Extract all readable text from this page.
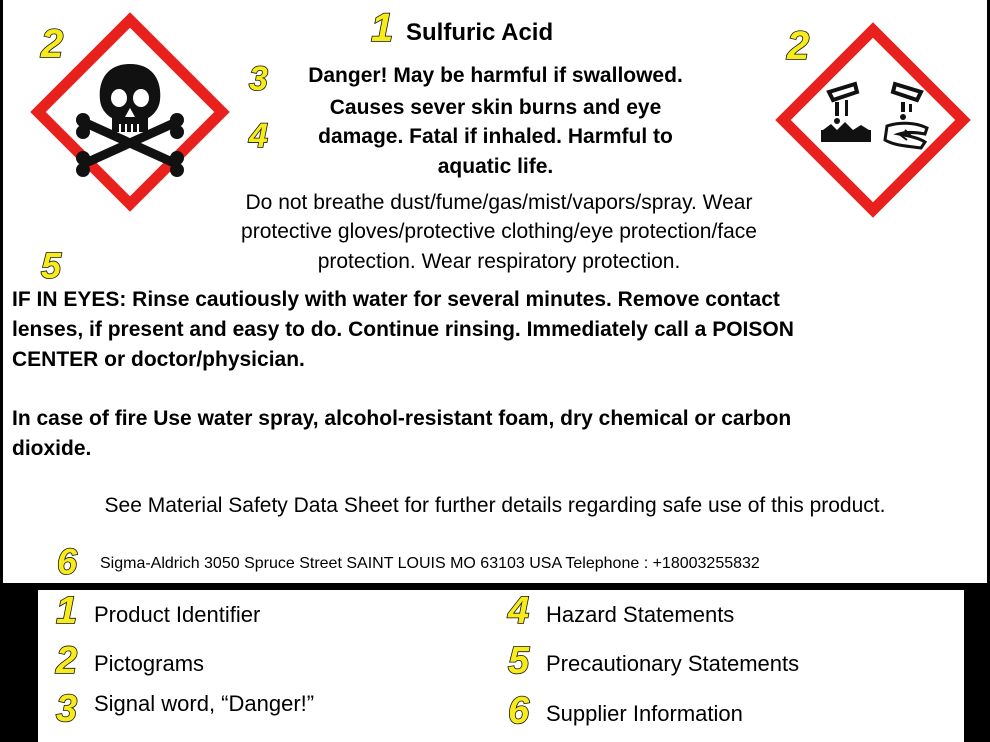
1 Sulfuric Acid
2	2
3
4
Danger! May be harmful if swallowed.
Causes sever skin burns and eye
damage. Fatal if inhaled. Harmful to
aquatic life.
5
Do not breathe dust/fume/gas/mist/vapors/spray. Wear
protective gloves/protective clothing/eye protection/face
protection. Wear respiratory protection.
IF IN EYES: Rinse cautiously with water for several minutes. Remove contact
lenses, if present and easy to do. Continue rinsing. Immediately call a POISON
CENTER or doctor/physician.
In case of fire Use water spray, alcohol-resistant foam, dry chemical or carbon
dioxide.
See Material Safety Data Sheet for further details regarding safe use of this product.
6 Sigma-Aldrich 3050 Spruce Street SAINT LOUIS MO 63103 USA Telephone : +18003255832
1 Product Identifier
2 Pictograms
3 Signal word, “Danger!”
4 Hazard Statements
5 Precautionary Statements
6 Supplier Information
